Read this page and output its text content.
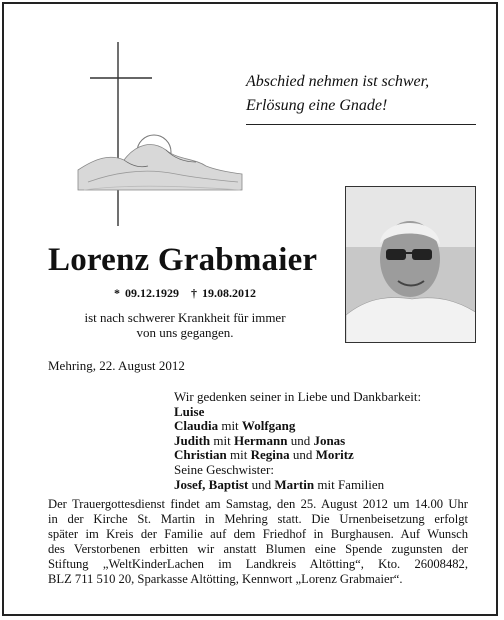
Abschied nehmen ist schwer,
Erlösung eine Gnade!
Lorenz Grabmaier
* 09.12.1929 † 19.08.2012
ist nach schwerer Krankheit für immer
von uns gegangen.
Mehring, 22. August 2012
Wir gedenken seiner in Liebe und Dankbarkeit:
Luise
Claudia mit Wolfgang
Judith mit Hermann und Jonas
Christian mit Regina und Moritz
Seine Geschwister:
Josef, Baptist und Martin mit Familien
Der Trauergottesdienst findet am Samstag, den 25. August 2012 um 14.00 Uhr
in der Kirche St. Martin in Mehring statt. Die Urnenbeisetzung erfolgt
später im Kreis der Familie auf dem Friedhof in Burghausen. Auf Wunsch
des Verstorbenen erbitten wir anstatt Blumen eine Spende zugunsten der
Stiftung „WeltKinderLachen im Landkreis Altötting“, Kto. 26008482,
BLZ 711 510 20, Sparkasse Altötting, Kennwort „Lorenz Grabmaier“.
